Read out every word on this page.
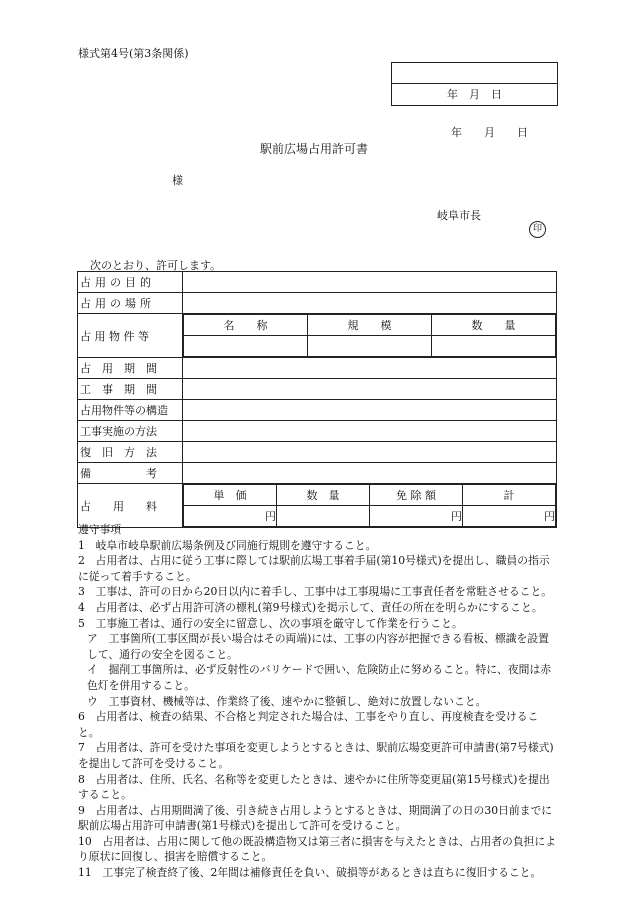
様式第4号(第3条関係)
年　月　日
年　　月　　日
駅前広場占用許可書
様
岐阜市長
印
次のとおり、許可します。
占用の目的	
占用の場所	
占 用 物 件 等	
名　　称	規　　模	数　　量

占　用　期　間	
工　事　期　間	
占用物件等の構造	
工事実施の方法	
復　旧　方　法	
備　　　　　考	
占　　用　　料	
単　価	数　量	免 除 額	計
円		円	円
遵守事項
1　岐阜市岐阜駅前広場条例及び同施行規則を遵守すること。
2　占用者は、占用に従う工事に際しては駅前広場工事着手届(第10号様式)を提出し、職員の指示に従って着手すること。
3　工事は、許可の日から20日以内に着手し、工事中は工事現場に工事責任者を常駐させること。
4　占用者は、必ず占用許可済の標札(第9号様式)を掲示して、責任の所在を明らかにすること。
5　工事施工者は、通行の安全に留意し、次の事項を厳守して作業を行うこと。
ア　工事箇所(工事区間が長い場合はその両端)には、工事の内容が把握できる看板、標識を設置して、通行の安全を図ること。
イ　掘削工事箇所は、必ず反射性のバリケードで囲い、危険防止に努めること。特に、夜間は赤色灯を併用すること。
ウ　工事資材、機械等は、作業終了後、速やかに整頓し、絶対に放置しないこと。
6　占用者は、検査の結果、不合格と判定された場合は、工事をやり直し、再度検査を受けること。
7　占用者は、許可を受けた事項を変更しようとするときは、駅前広場変更許可申請書(第7号様式)を提出して許可を受けること。
8　占用者は、住所、氏名、名称等を変更したときは、速やかに住所等変更届(第15号様式)を提出すること。
9　占用者は、占用期間満了後、引き続き占用しようとするときは、期間満了の日の30日前までに駅前広場占用許可申請書(第1号様式)を提出して許可を受けること。
10　占用者は、占用に関して他の既設構造物又は第三者に損害を与えたときは、占用者の負担により原状に回復し、損害を賠償すること。
11　工事完了検査終了後、2年間は補修責任を負い、破損等があるときは直ちに復旧すること。
